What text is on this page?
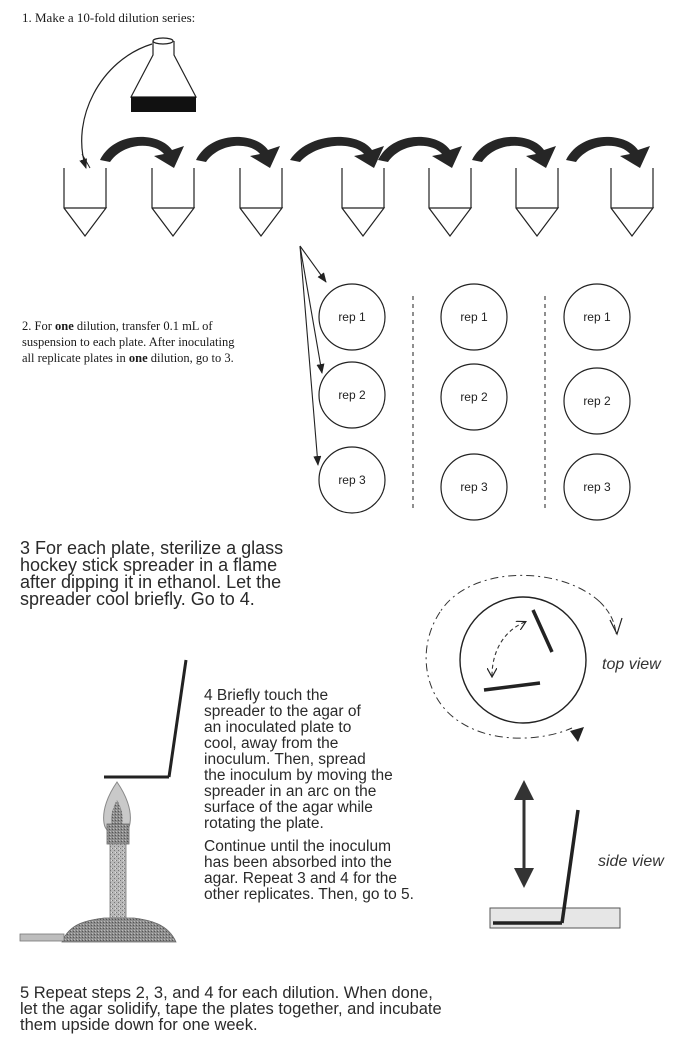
1. Make a 10-fold dilution series:

2. For one dilution, transfer 0.1 mL of
suspension to each plate. After inoculating
all replicate plates in one dilution, go to 3.
3 For each plate, sterilize a glass
hockey stick spreader in a flame
after dipping it in ethanol. Let the
spreader cool briefly. Go to 4.
4 Briefly touch the
spreader to the agar of
an inoculated plate to
cool, away from the
inoculum. Then, spread
the inoculum by moving the
spreader in an arc on the
surface of the agar while
rotating the plate.
Continue until the inoculum
has been absorbed into the
agar. Repeat 3 and 4 for the
other replicates. Then, go to 5.
5 Repeat steps 2, 3, and 4 for each dilution. When done,
let the agar solidify, tape the plates together, and incubate
them upside down for one week.
top view
side view
rep 1
rep 2
rep 3
rep 1
rep 2
rep 3
rep 1
rep 2
rep 3
